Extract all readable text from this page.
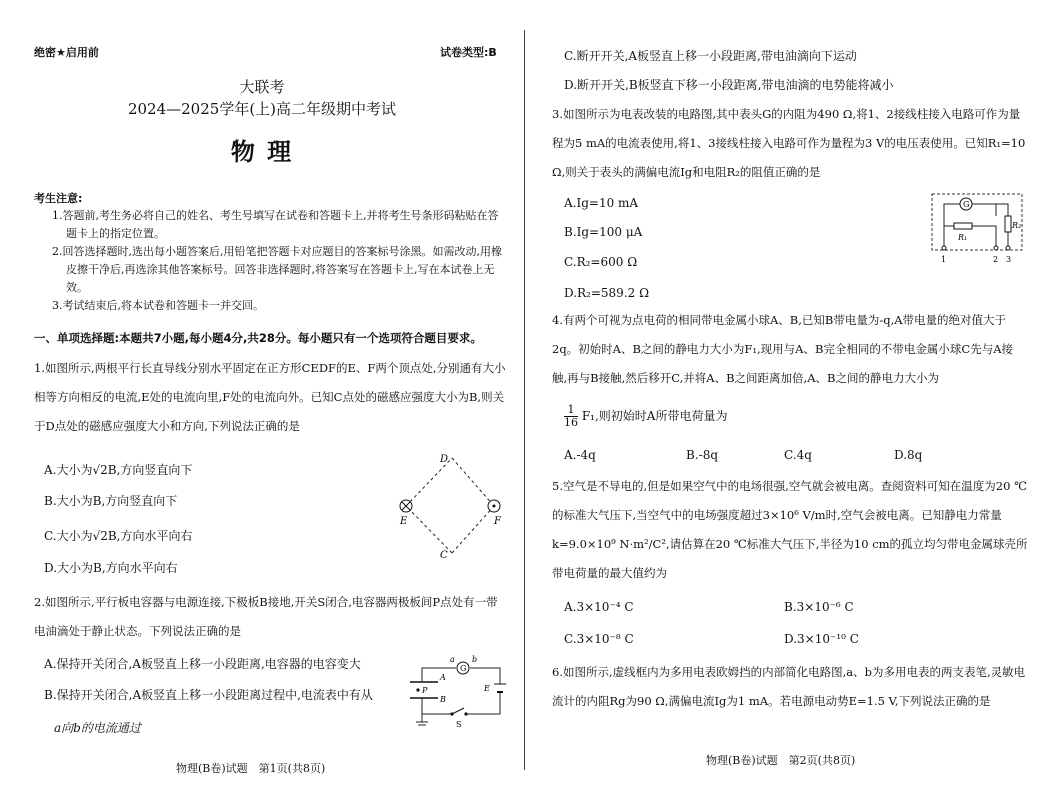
绝密★启用前	试卷类型:B
大联考
2024—2025学年(上)高二年级期中考试
物 理
考生注意:
1.答题前,考生务必将自己的姓名、考生号填写在试卷和答题卡上,并将考生号条形码粘贴在答题卡上的指定位置。
2.回答选择题时,选出每小题答案后,用铅笔把答题卡对应题目的答案标号涂黑。如需改动,用橡皮擦干净后,再选涂其他答案标号。回答非选择题时,将答案写在答题卡上,写在本试卷上无效。
3.考试结束后,将本试卷和答题卡一并交回。
一、单项选择题:本题共7小题,每小题4分,共28分。每小题只有一个选项符合题目要求。
1.如图所示,两根平行长直导线分别水平固定在正方形CEDF的E、F两个顶点处,分别通有大小相等方向相反的电流,E处的电流向里,F处的电流向外。已知C点处的磁感应强度大小为B,则关于D点处的磁感应强度大小和方向,下列说法正确的是
A.大小为√2B,方向竖直向下
B.大小为B,方向竖直向下
C.大小为√2B,方向水平向右
D.大小为B,方向水平向右
D
E	F
C
2.如图所示,平行板电容器与电源连接,下极板B接地,开关S闭合,电容器两极板间P点处有一带电油滴处于静止状态。下列说法正确的是
A.保持开关闭合,A板竖直上移一小段距离,电容器的电容变大
B.保持开关闭合,A板竖直上移一小段距离过程中,电流表中有从
a向b的电流通过
G
a b
A
P
B
E
S
物理(B卷)试题　第1页(共8页)
C.断开开关,A板竖直上移一小段距离,带电油滴向下运动
D.断开开关,B板竖直下移一小段距离,带电油滴的电势能将减小
3.如图所示为电表改装的电路图,其中表头G的内阻为490 Ω,将1、2接线柱接入电路可作为量程为5 mA的电流表使用,将1、3接线柱接入电路可作为量程为3 V的电压表使用。已知R₁=10 Ω,则关于表头的满偏电流Ig和电阻R₂的阻值正确的是
A.Ig=10 mA
B.Ig=100 μA
C.R₂=600 Ω
D.R₂=589.2 Ω
G
R₁
R₂
1	2 3
4.有两个可视为点电荷的相同带电金属小球A、B,已知B带电量为-q,A带电量的绝对值大于2q。初始时A、B之间的静电力大小为F₁,现用与A、B完全相同的不带电金属小球C先与A接触,再与B接触,然后移开C,并将A、B之间距离加倍,A、B之间的静电力大小为
$\frac{1}{16} F_1$,则初始时A所带电荷量为
A.-4q	B.-8q	C.4q	D.8q
5.空气是不导电的,但是如果空气中的电场很强,空气就会被电离。查阅资料可知在温度为20 ℃的标准大气压下,当空气中的电场强度超过3×10⁶ V/m时,空气会被电离。已知静电力常量k=9.0×10⁹ N·m²/C²,请估算在20 ℃标准大气压下,半径为10 cm的孤立均匀带电金属球壳所带电荷量的最大值约为
A.3×10⁻⁴ C	B.3×10⁻⁶ C
C.3×10⁻⁸ C	D.3×10⁻¹⁰ C
6.如图所示,虚线框内为多用电表欧姆挡的内部简化电路图,a、b为多用电表的两支表笔,灵敏电流计的内阻Rg为90 Ω,满偏电流Ig为1 mA。若电源电动势E=1.5 V,下列说法正确的是
物理(B卷)试题　第2页(共8页)
